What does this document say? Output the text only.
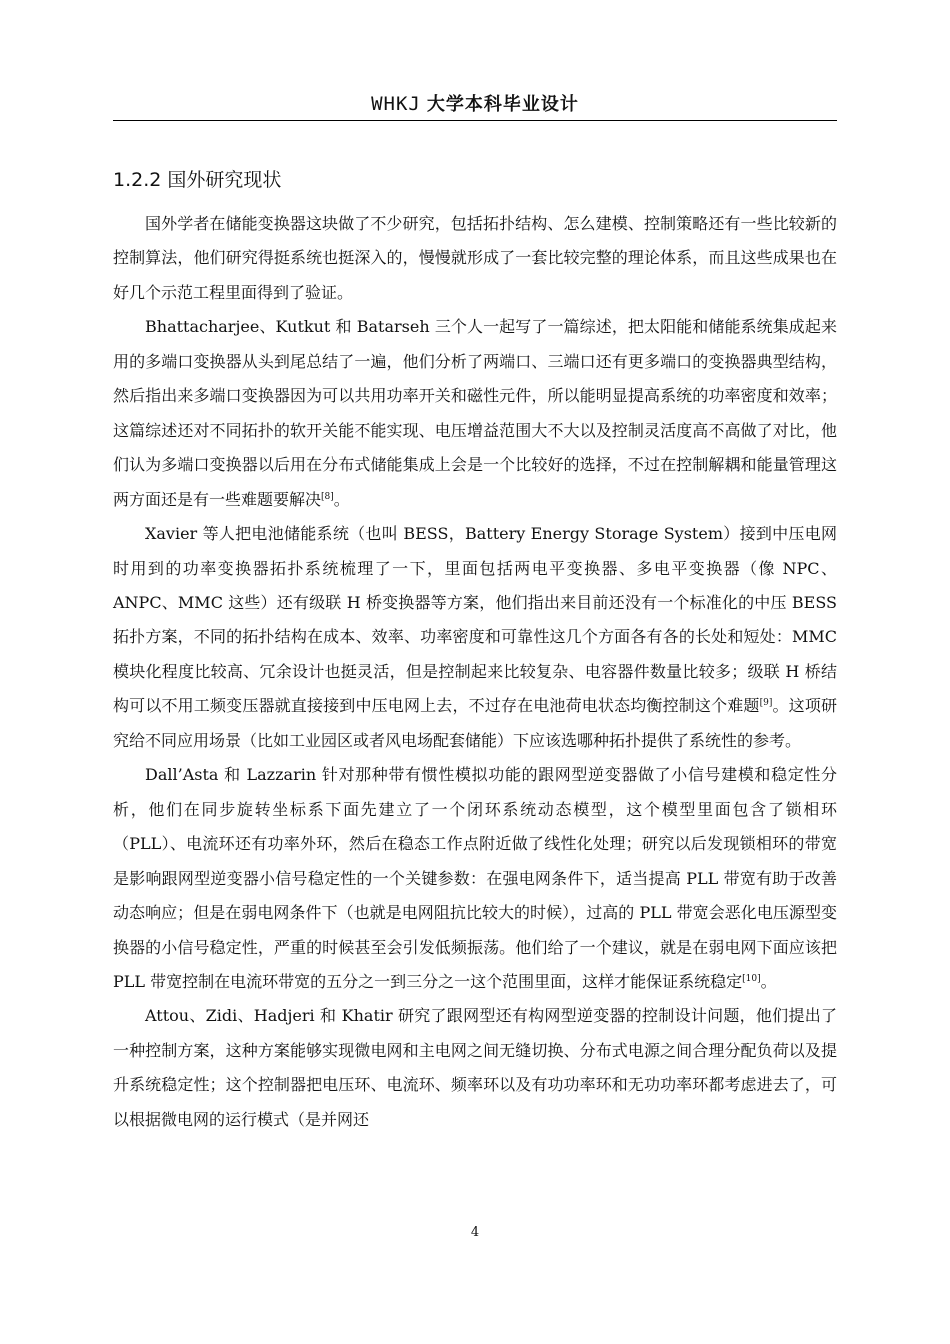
WHKJ 大学本科毕业设计
1.2.2 国外研究现状

国外学者在储能变换器这块做了不少研究，包括拓扑结构、怎么建模、控制策略还有一些比较新的控制算法，他们研究得挺系统也挺深入的，慢慢就形成了一套比较完整的理论体系，而且这些成果也在好几个示范工程里面得到了验证。

Bhattacharjee、Kutkut 和 Batarseh 三个人一起写了一篇综述，把太阳能和储能系统集成起来用的多端口变换器从头到尾总结了一遍，他们分析了两端口、三端口还有更多端口的变换器典型结构，然后指出来多端口变换器因为可以共用功率开关和磁性元件，所以能明显提高系统的功率密度和效率；这篇综述还对不同拓扑的软开关能不能实现、电压增益范围大不大以及控制灵活度高不高做了对比，他们认为多端口变换器以后用在分布式储能集成上会是一个比较好的选择，不过在控制解耦和能量管理这两方面还是有一些难题要解决[8]。

Xavier 等人把电池储能系统（也叫 BESS，Battery Energy Storage System）接到中压电网时用到的功率变换器拓扑系统梳理了一下，里面包括两电平变换器、多电平变换器（像 NPC、ANPC、MMC 这些）还有级联 H 桥变换器等方案，他们指出来目前还没有一个标准化的中压 BESS 拓扑方案，不同的拓扑结构在成本、效率、功率密度和可靠性这几个方面各有各的长处和短处：MMC 模块化程度比较高、冗余设计也挺灵活，但是控制起来比较复杂、电容器件数量比较多；级联 H 桥结构可以不用工频变压器就直接接到中压电网上去，不过存在电池荷电状态均衡控制这个难题[9]。这项研究给不同应用场景（比如工业园区或者风电场配套储能）下应该选哪种拓扑提供了系统性的参考。

Dall’Asta 和 Lazzarin 针对那种带有惯性模拟功能的跟网型逆变器做了小信号建模和稳定性分析，他们在同步旋转坐标系下面先建立了一个闭环系统动态模型，这个模型里面包含了锁相环（PLL）、电流环还有功率外环，然后在稳态工作点附近做了线性化处理；研究以后发现锁相环的带宽是影响跟网型逆变器小信号稳定性的一个关键参数：在强电网条件下，适当提高 PLL 带宽有助于改善动态响应；但是在弱电网条件下（也就是电网阻抗比较大的时候），过高的 PLL 带宽会恶化电压源型变换器的小信号稳定性，严重的时候甚至会引发低频振荡。他们给了一个建议，就是在弱电网下面应该把 PLL 带宽控制在电流环带宽的五分之一到三分之一这个范围里面，这样才能保证系统稳定[10]。

Attou、Zidi、Hadjeri 和 Khatir 研究了跟网型还有构网型逆变器的控制设计问题，他们提出了一种控制方案，这种方案能够实现微电网和主电网之间无缝切换、分布式电源之间合理分配负荷以及提升系统稳定性；这个控制器把电压环、电流环、频率环以及有功功率环和无功功率环都考虑进去了，可以根据微电网的运行模式（是并网还

4
